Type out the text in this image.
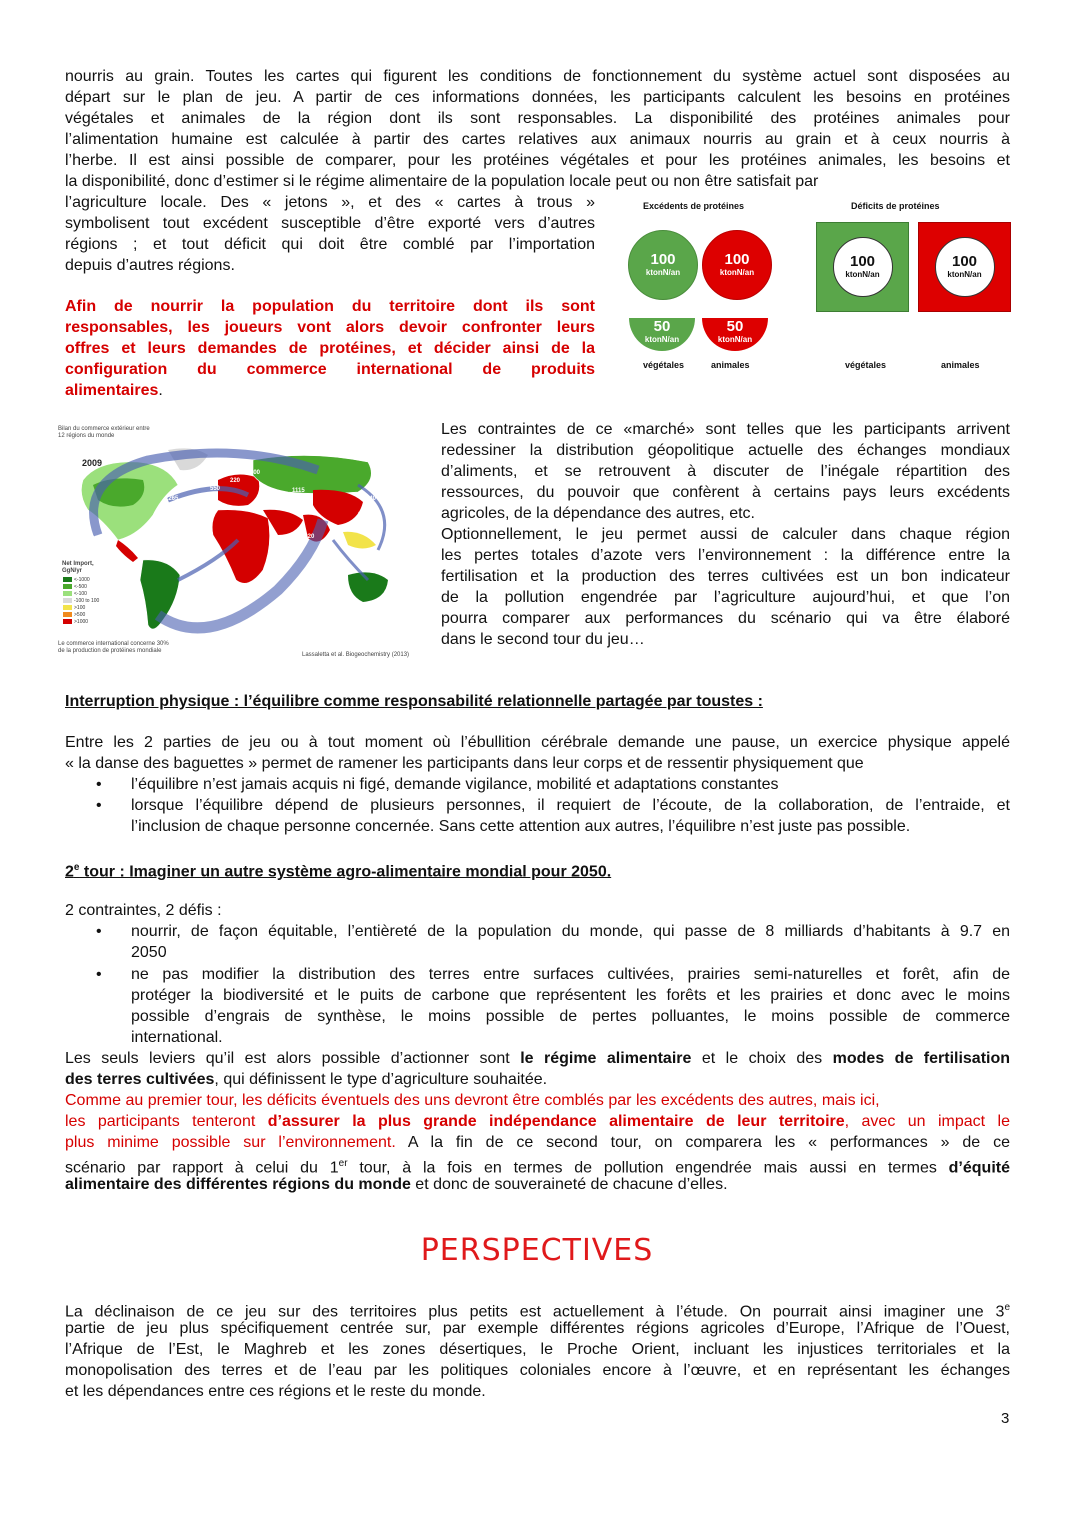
nourris au grain. Toutes les cartes qui figurent les conditions de fonctionnement du système actuel sont disposées au

départ sur le plan de jeu. A partir de ces informations données, les participants calculent les besoins en protéines

végétales et animales de la région dont ils sont responsables. La disponibilité des protéines animales pour

l’alimentation humaine est calculée à partir des cartes relatives aux animaux nourris au grain et à ceux nourris à

l’herbe. Il est ainsi possible de comparer, pour les protéines végétales et pour les protéines animales, les besoins et

la disponibilité, donc d’estimer si le régime alimentaire de la population locale peut ou non être satisfait par

l’agriculture locale. Des « jetons », et des « cartes à trous »

symbolisent tout excédent susceptible d’être exporté vers d’autres

régions ; et tout déficit qui doit être comblé par l’importation

depuis d’autres régions.

Afin de nourrir la population du territoire dont ils sont

responsables, les joueurs vont alors devoir confronter leurs

offres et leurs demandes de protéines, et décider ainsi de la

configuration du commerce international de produits

alimentaires.

Excédents de protéines	Déficits de protéines
100
ktonN/an
100
ktonN/an
50
ktonN/an
50
ktonN/an
100
ktonN/an
100
ktonN/an
végétales	animales	végétales	animales
Bilan du commerce extérieur entre
12 régions du monde
2009
2265
220
1115
840
260
110
1320
430
575
1060
185
550
400
980
Net Import,
GgN/yr
<-1000
<-500
<-100
-100 to 100
>100
>500
>1000
Le commerce international concerne 30%
de la production de protéines mondiale
Lassaletta et al. Biogeochemistry (2013)

Les contraintes de ce «marché» sont telles que les participants arrivent

redessiner la distribution géopolitique actuelle des échanges mondiaux

d’aliments, et se retrouvent à discuter de l’inégale répartition des

ressources, du pouvoir que confèrent à certains pays leurs excédents

agricoles, de la dépendance des autres, etc.

Optionnellement, le jeu permet aussi de calculer dans chaque région

les pertes totales d’azote vers l’environnement : la différence entre la

fertilisation et la production des terres cultivées est un bon indicateur

de la pollution engendrée par l’agriculture aujourd’hui, et que l’on

pourra comparer aux performances du scénario qui va être élaboré

dans le second tour du jeu…

Interruption physique : l’équilibre comme responsabilité relationnelle partagée par toustes :

Entre les 2 parties de jeu ou à tout moment où l’ébullition cérébrale demande une pause, un exercice physique appelé

« la danse des baguettes » permet de ramener les participants dans leur corps et de ressentir physiquement que

• l’équilibre n’est jamais acquis ni figé, demande vigilance, mobilité et adaptations constantes

• lorsque l’équilibre dépend de plusieurs personnes, il requiert de l’écoute, de la collaboration, de l’entraide, et

l’inclusion de chaque personne concernée. Sans cette attention aux autres, l’équilibre n’est juste pas possible.

2e tour : Imaginer un autre système agro-alimentaire mondial pour 2050.

2 contraintes, 2 défis :

• nourrir, de façon équitable, l’entièreté de la population du monde, qui passe de 8 milliards d’habitants à 9.7 en

2050

• ne pas modifier la distribution des terres entre surfaces cultivées, prairies semi-naturelles et forêt, afin de

protéger la biodiversité et le puits de carbone que représentent les forêts et les prairies et donc avec le moins

possible d’engrais de synthèse, le moins possible de pertes polluantes, le moins possible de commerce

international.

Les seuls leviers qu’il est alors possible d’actionner sont le régime alimentaire et le choix des modes de fertilisation

des terres cultivées, qui définissent le type d’agriculture souhaitée.

Comme au premier tour, les déficits éventuels des uns devront être comblés par les excédents des autres, mais ici,

les participants tenteront d’assurer la plus grande indépendance alimentaire de leur territoire, avec un impact le

plus minime possible sur l’environnement. A la fin de ce second tour, on comparera les « performances » de ce

scénario par rapport à celui du 1er tour, à la fois en termes de pollution engendrée mais aussi en termes d’équité

alimentaire des différentes régions du monde et donc de souveraineté de chacune d’elles.

PERSPECTIVES

La déclinaison de ce jeu sur des territoires plus petits est actuellement à l’étude. On pourrait ainsi imaginer une 3e

partie de jeu plus spécifiquement centrée sur, par exemple différentes régions agricoles d’Europe, l’Afrique de l’Ouest,

l’Afrique de l’Est, le Maghreb et les zones désertiques, le Proche Orient, incluant les injustices territoriales et la

monopolisation des terres et de l’eau par les politiques coloniales encore à l’œuvre, et en représentant les échanges

et les dépendances entre ces régions et le reste du monde.

3
